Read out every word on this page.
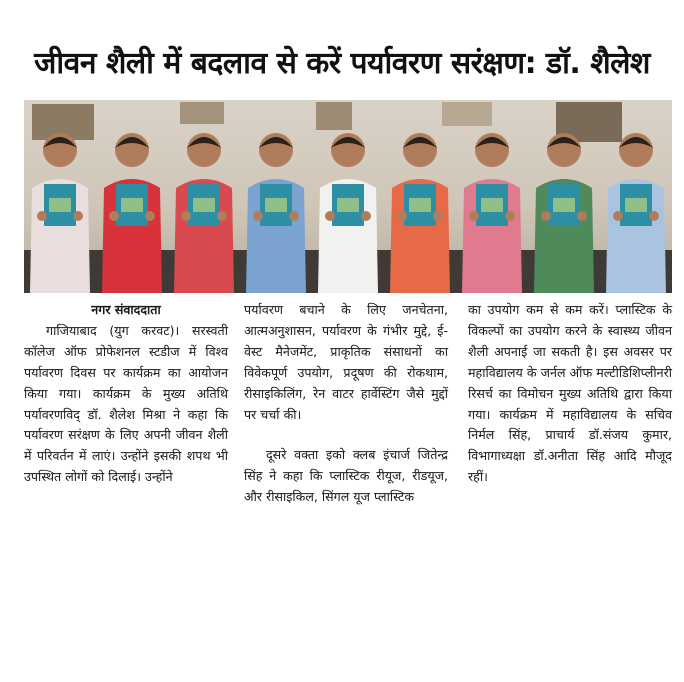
जीवन शैली में बदलाव से करें पर्यावरण सरंक्षण: डॉ. शैलेश
नगर संवाददाता

गाजियाबाद (युग करवट)। सरस्वती कॉलेज ऑफ प्रोफेशनल स्टडीज में विश्व पर्यावरण दिवस पर कार्यक्रम का आयोजन किया गया। कार्यक्रम के मुख्य अतिथि पर्यावरणविद् डॉ. शैलेश मिश्रा ने कहा कि पर्यावरण सरंक्षण के लिए अपनी जीवन शैली में परिवर्तन में लाएं। उन्होंने इसकी शपथ भी उपस्थित लोगों को दिलाई। उन्होंने

पर्यावरण बचाने के लिए जनचेतना, आत्मअनुशासन, पर्यावरण के गंभीर मुद्दे, ई-वेस्ट मैनेजमेंट, प्राकृतिक संसाधनों का विवेकपूर्ण उपयोग, प्रदूषण की रोकथाम, रीसाइकिलिंग, रेन वाटर हार्वेस्टिंग जैसे मुद्दों पर चर्चा की।

दूसरे वक्ता इको क्लब इंचार्ज जितेन्द्र सिंह ने कहा कि प्लास्टिक रीयूज, रीडयूज, और रीसाइकिल, सिंगल यूज प्लास्टिक

का उपयोग कम से कम करें। प्लास्टिक के विकल्पों का उपयोग करने के स्वास्थ्य जीवन शैली अपनाई जा सकती है। इस अवसर पर महाविद्यालय के जर्नल ऑफ मल्टीडिशिप्लीनरी रिसर्च का विमोचन मुख्य अतिथि द्वारा किया गया। कार्यक्रम में महाविद्यालय के सचिव निर्मल सिंह, प्राचार्य डॉ.संजय कुमार, विभागाध्यक्षा डॉ.अनीता सिंह आदि मौजूद रहीं।
